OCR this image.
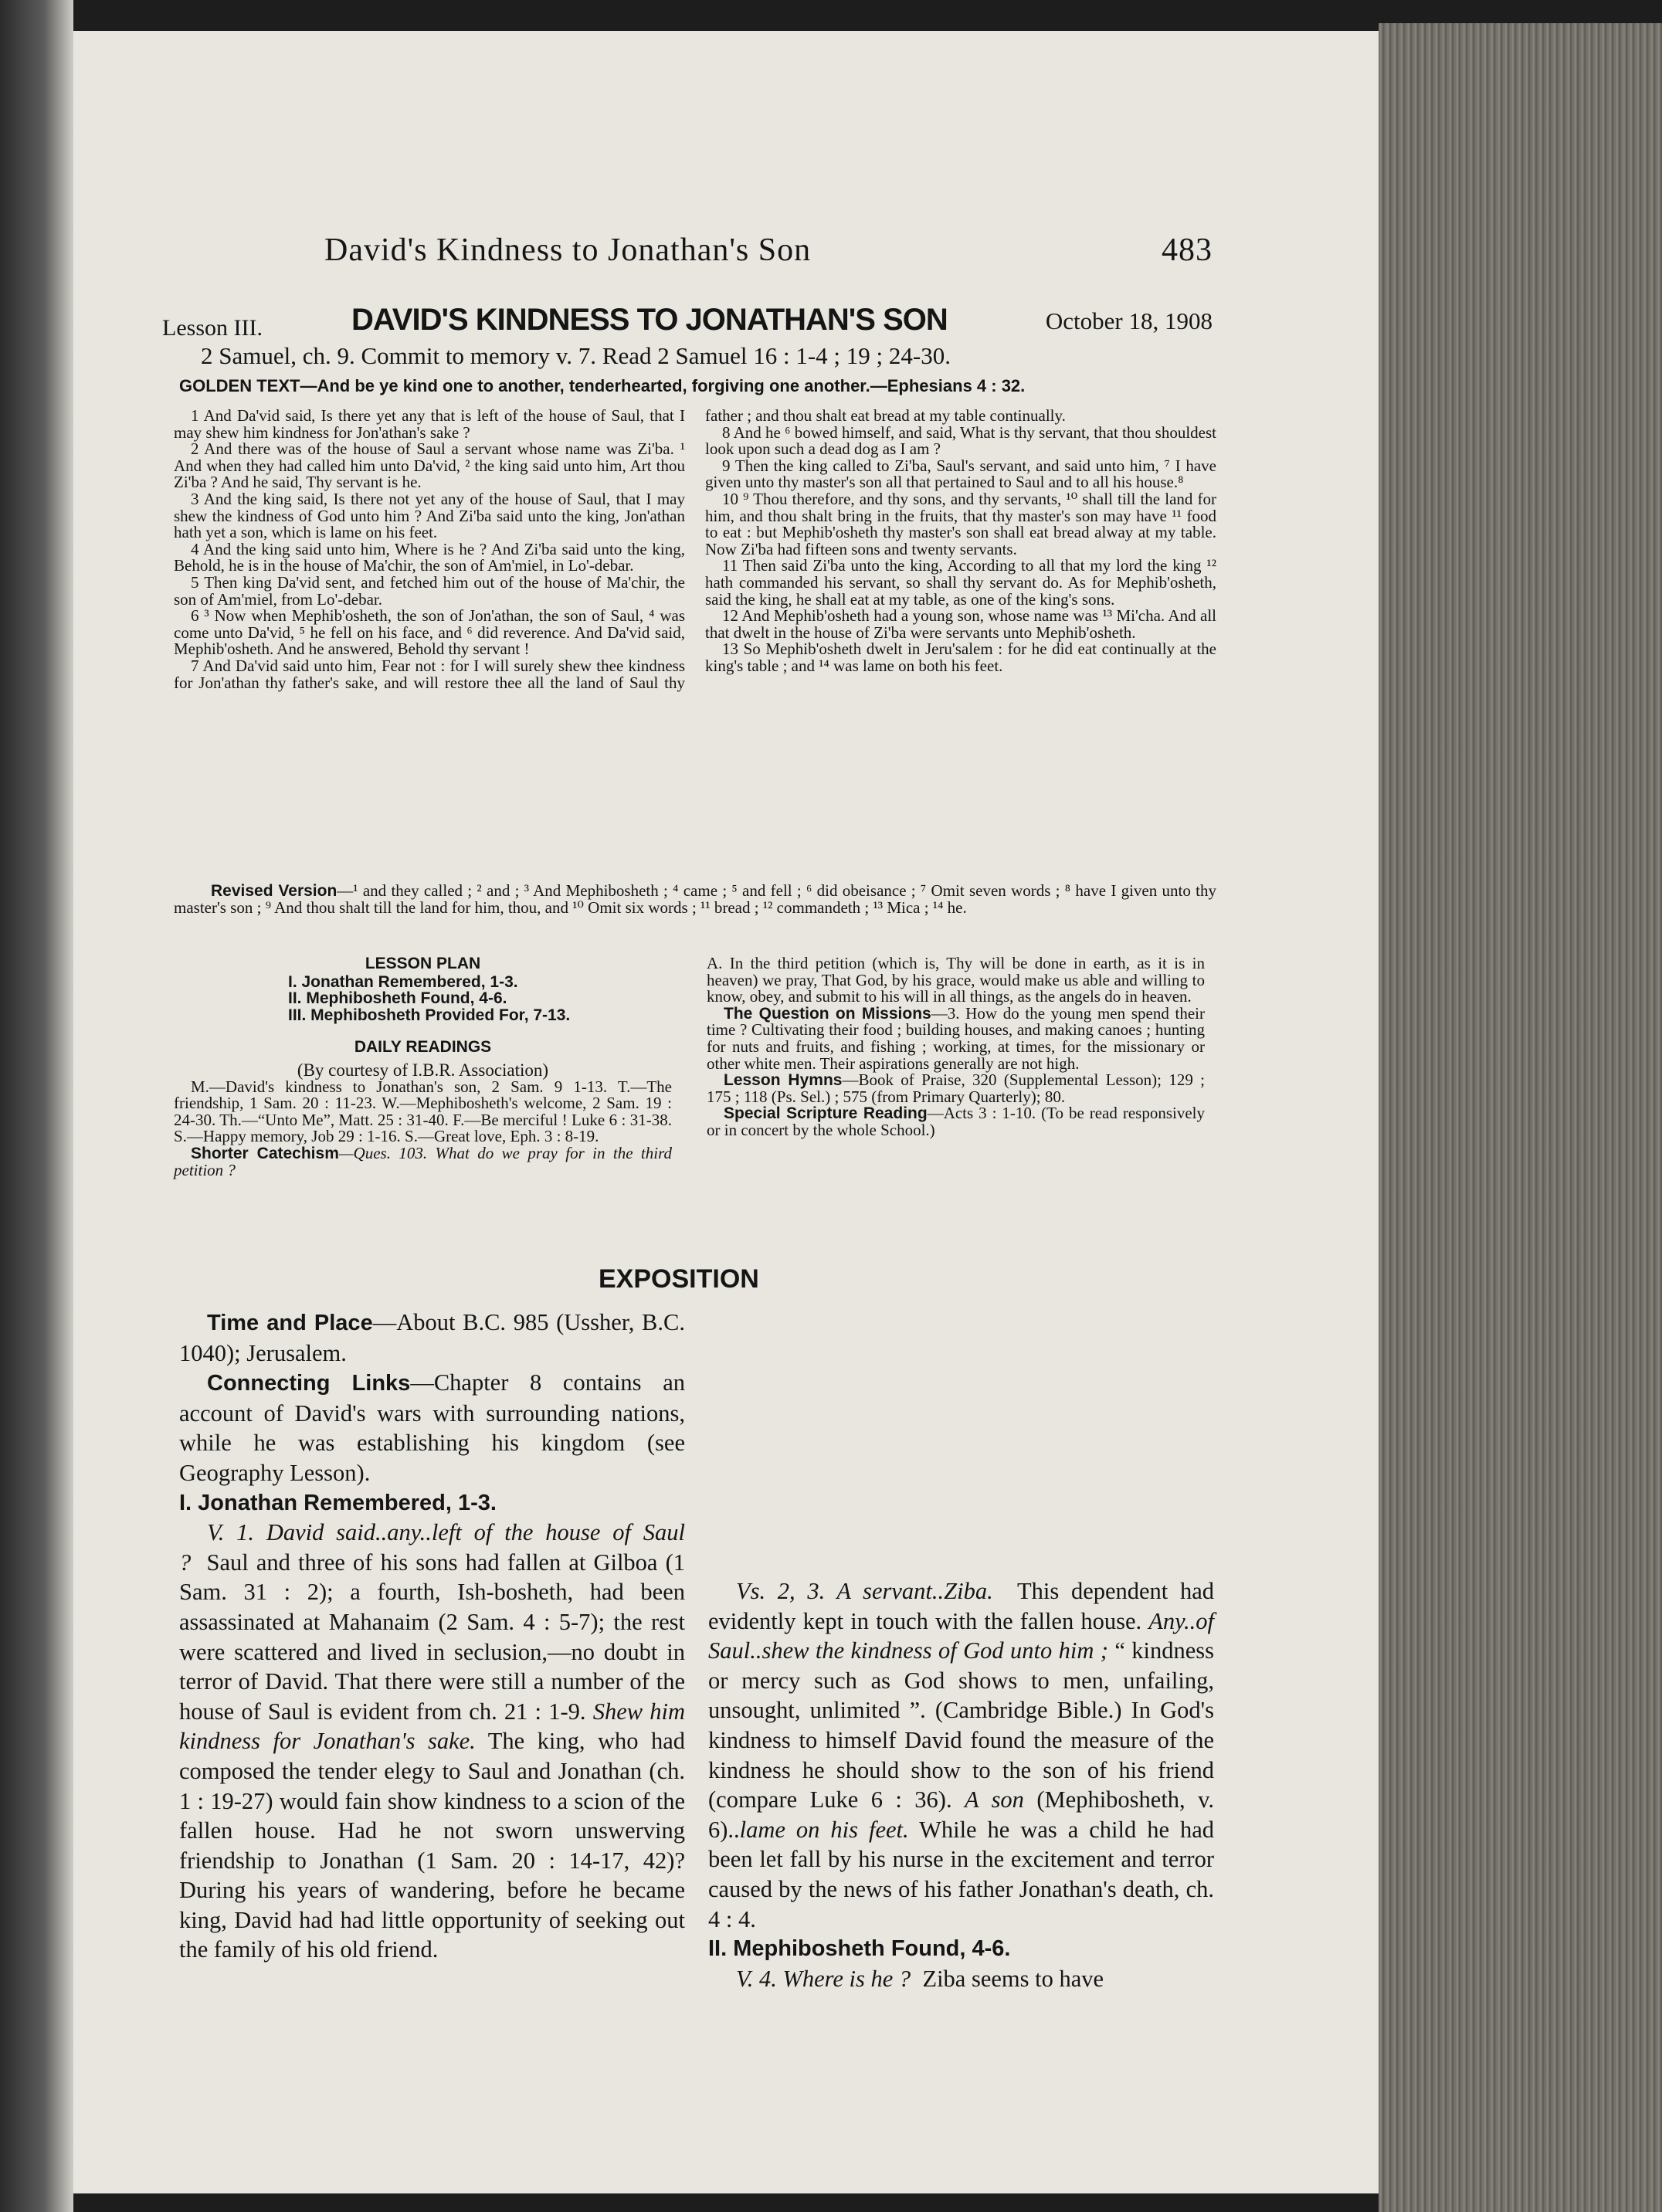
David's Kindness to Jonathan's Son	483
Lesson III.	DAVID'S KINDNESS TO JONATHAN'S SON	October 18, 1908
2 Samuel, ch. 9. Commit to memory v. 7. Read 2 Samuel 16 : 1-4 ; 19 ; 24-30.
GOLDEN TEXT—And be ye kind one to another, tenderhearted, forgiving one another.—Ephesians 4 : 32.

1 And Da'vid said, Is there yet any that is left of the house of Saul, that I may shew him kindness for Jon'athan's sake ?

2 And there was of the house of Saul a servant whose name was Zi'ba. ¹ And when they had called him unto Da'vid, ² the king said unto him, Art thou Zi'ba ? And he said, Thy servant is he.

3 And the king said, Is there not yet any of the house of Saul, that I may shew the kindness of God unto him ? And Zi'ba said unto the king, Jon'athan hath yet a son, which is lame on his feet.

4 And the king said unto him, Where is he ? And Zi'ba said unto the king, Behold, he is in the house of Ma'chir, the son of Am'miel, in Lo'-debar.

5 Then king Da'vid sent, and fetched him out of the house of Ma'chir, the son of Am'miel, from Lo'-debar.

6 ³ Now when Mephib'osheth, the son of Jon'athan, the son of Saul, ⁴ was come unto Da'vid, ⁵ he fell on his face, and ⁶ did reverence. And Da'vid said, Mephib'osheth. And he answered, Behold thy servant !

7 And Da'vid said unto him, Fear not : for I will surely shew thee kindness for Jon'athan thy father's sake, and will restore thee all the land of Saul thy father ; and thou shalt eat bread at my table continually.

8 And he ⁶ bowed himself, and said, What is thy servant, that thou shouldest look upon such a dead dog as I am ?

9 Then the king called to Zi'ba, Saul's servant, and said unto him, ⁷ I have given unto thy master's son all that pertained to Saul and to all his house.⁸

10 ⁹ Thou therefore, and thy sons, and thy servants, ¹⁰ shall till the land for him, and thou shalt bring in the fruits, that thy master's son may have ¹¹ food to eat : but Mephib'osheth thy master's son shall eat bread alway at my table. Now Zi'ba had fifteen sons and twenty servants.

11 Then said Zi'ba unto the king, According to all that my lord the king ¹² hath commanded his servant, so shall thy servant do. As for Mephib'osheth, said the king, he shall eat at my table, as one of the king's sons.

12 And Mephib'osheth had a young son, whose name was ¹³ Mi'cha. And all that dwelt in the house of Zi'ba were servants unto Mephib'osheth.

13 So Mephib'osheth dwelt in Jeru'salem : for he did eat continually at the king's table ; and ¹⁴ was lame on both his feet.

Revised Version—¹ and they called ; ² and ; ³ And Mephibosheth ; ⁴ came ; ⁵ and fell ; ⁶ did obeisance ; ⁷ Omit seven words ; ⁸ have I given unto thy master's son ; ⁹ And thou shalt till the land for him, thou, and ¹⁰ Omit six words ; ¹¹ bread ; ¹² commandeth ; ¹³ Mica ; ¹⁴ he.

LESSON PLAN

I. Jonathan Remembered, 1-3.
II. Mephibosheth Found, 4-6.
III. Mephibosheth Provided For, 7-13.

DAILY READINGS

(By courtesy of I.B.R. Association)

M.—David's kindness to Jonathan's son, 2 Sam. 9 1-13. T.—The friendship, 1 Sam. 20 : 11-23. W.—Mephibosheth's welcome, 2 Sam. 19 : 24-30. Th.—“Unto Me”, Matt. 25 : 31-40. F.—Be merciful ! Luke 6 : 31-38. S.—Happy memory, Job 29 : 1-16. S.—Great love, Eph. 3 : 8-19.

Shorter Catechism—Ques. 103. What do we pray for in the third petition ?

A. In the third petition (which is, Thy will be done in earth, as it is in heaven) we pray, That God, by his grace, would make us able and willing to know, obey, and submit to his will in all things, as the angels do in heaven.

The Question on Missions—3. How do the young men spend their time ? Cultivating their food ; building houses, and making canoes ; hunting for nuts and fruits, and fishing ; working, at times, for the missionary or other white men. Their aspirations generally are not high.

Lesson Hymns—Book of Praise, 320 (Supplemental Lesson); 129 ; 175 ; 118 (Ps. Sel.) ; 575 (from Primary Quarterly); 80.

Special Scripture Reading—Acts 3 : 1-10. (To be read responsively or in concert by the whole School.)

EXPOSITION

Time and Place—About B.C. 985 (Ussher, B.C. 1040); Jerusalem.

Connecting Links—Chapter 8 contains an account of David's wars with surrounding nations, while he was establishing his kingdom (see Geography Lesson).

I. Jonathan Remembered, 1-3.

V. 1. David said..any..left of the house of Saul ? Saul and three of his sons had fallen at Gilboa (1 Sam. 31 : 2); a fourth, Ish-bosheth, had been assassinated at Mahanaim (2 Sam. 4 : 5-7); the rest were scattered and lived in seclusion,—no doubt in terror of David. That there were still a number of the house of Saul is evident from ch. 21 : 1-9. Shew him kindness for Jonathan's sake. The king, who had composed the tender elegy to Saul and Jonathan (ch. 1 : 19-27) would fain show kindness to a scion of the fallen house. Had he not sworn unswerving friendship to Jonathan (1 Sam. 20 : 14-17, 42)? During his years of wandering, before he became king, David had had little opportunity of seeking out the family of his old friend.

Vs. 2, 3. A servant..Ziba. This dependent had evidently kept in touch with the fallen house. Any..of Saul..shew the kindness of God unto him ; “ kindness or mercy such as God shows to men, unfailing, unsought, unlimited ”. (Cambridge Bible.) In God's kindness to himself David found the measure of the kindness he should show to the son of his friend (compare Luke 6 : 36). A son (Mephibosheth, v. 6)..lame on his feet. While he was a child he had been let fall by his nurse in the excitement and terror caused by the news of his father Jonathan's death, ch. 4 : 4.

II. Mephibosheth Found, 4-6.

V. 4. Where is he ? Ziba seems to have
